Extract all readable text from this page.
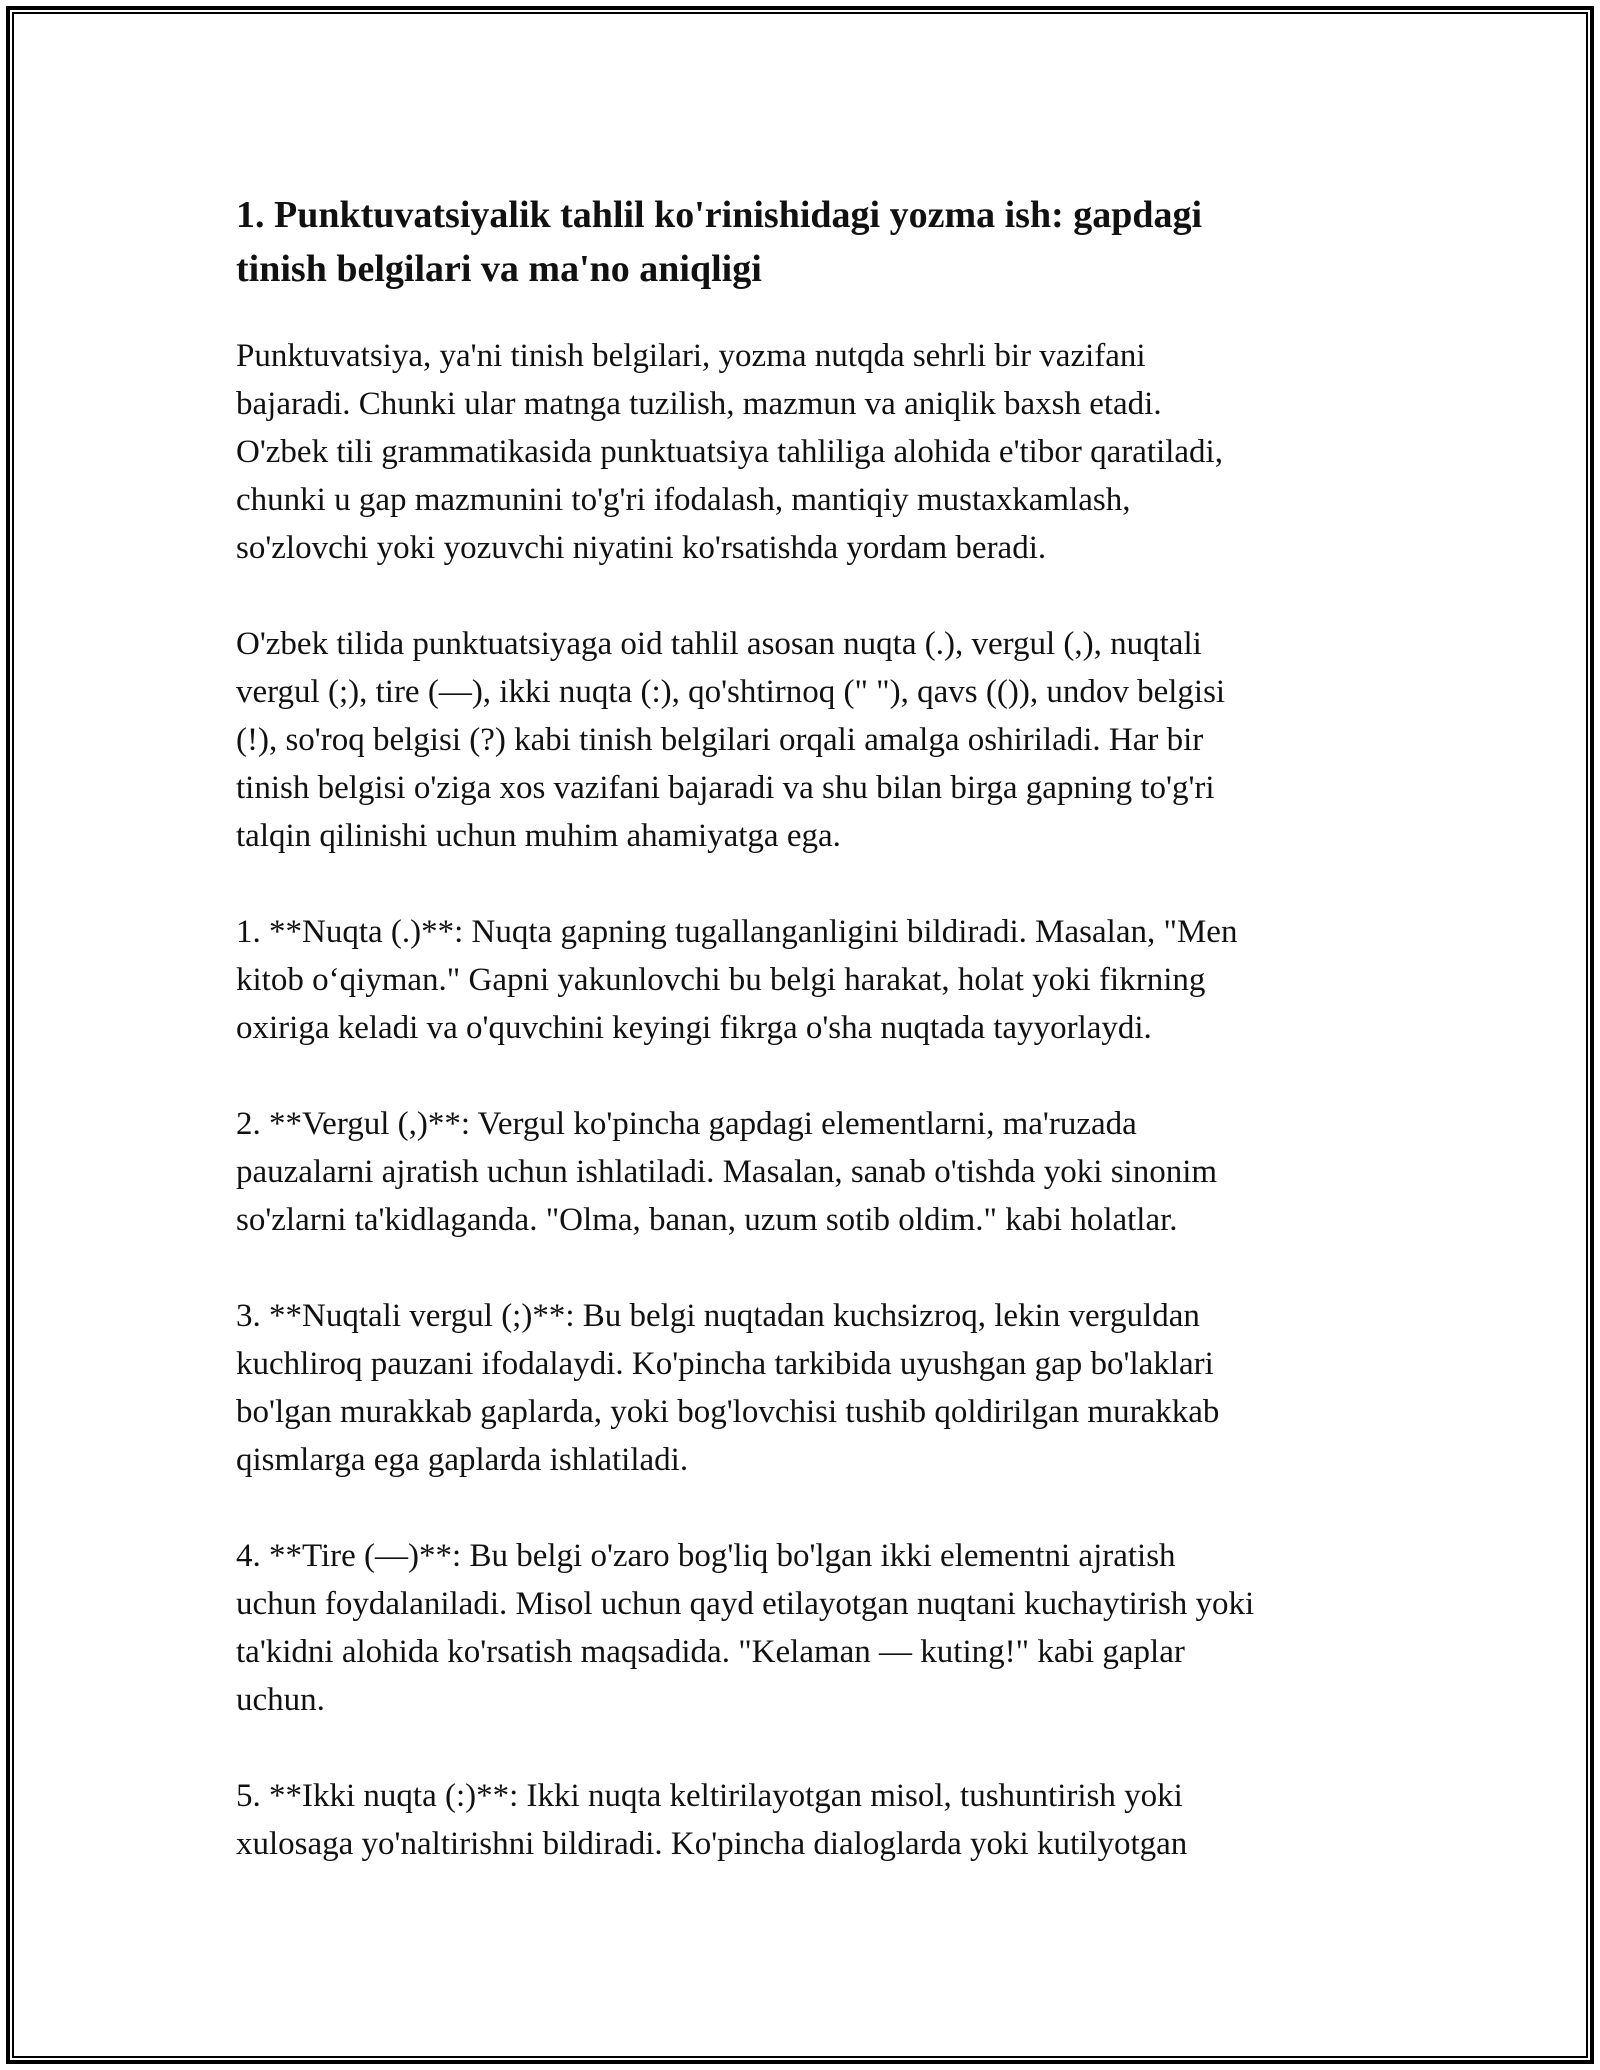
1. Punktuvatsiyalik tahlil ko'rinishidagi yozma ish: gapdagi
tinish belgilari va ma'no aniqligi

Punktuvatsiya, ya'ni tinish belgilari, yozma nutqda sehrli bir vazifani
bajaradi. Chunki ular matnga tuzilish, mazmun va aniqlik baxsh etadi.
O'zbek tili grammatikasida punktuatsiya tahliliga alohida e'tibor qaratiladi,
chunki u gap mazmunini to'g'ri ifodalash, mantiqiy mustaxkamlash,
so'zlovchi yoki yozuvchi niyatini ko'rsatishda yordam beradi.

O'zbek tilida punktuatsiyaga oid tahlil asosan nuqta (.), vergul (,), nuqtali
vergul (;), tire (—), ikki nuqta (:), qo'shtirnoq (" "), qavs (()), undov belgisi
(!), so'roq belgisi (?) kabi tinish belgilari orqali amalga oshiriladi. Har bir
tinish belgisi o'ziga xos vazifani bajaradi va shu bilan birga gapning to'g'ri
talqin qilinishi uchun muhim ahamiyatga ega.

1. **Nuqta (.)**: Nuqta gapning tugallanganligini bildiradi. Masalan, "Men
kitob o‘qiyman." Gapni yakunlovchi bu belgi harakat, holat yoki fikrning
oxiriga keladi va o'quvchini keyingi fikrga o'sha nuqtada tayyorlaydi.

2. **Vergul (,)**: Vergul ko'pincha gapdagi elementlarni, ma'ruzada
pauzalarni ajratish uchun ishlatiladi. Masalan, sanab o'tishda yoki sinonim
so'zlarni ta'kidlaganda. "Olma, banan, uzum sotib oldim." kabi holatlar.

3. **Nuqtali vergul (;)**: Bu belgi nuqtadan kuchsizroq, lekin verguldan
kuchliroq pauzani ifodalaydi. Ko'pincha tarkibida uyushgan gap bo'laklari
bo'lgan murakkab gaplarda, yoki bog'lovchisi tushib qoldirilgan murakkab
qismlarga ega gaplarda ishlatiladi.

4. **Tire (—)**: Bu belgi o'zaro bog'liq bo'lgan ikki elementni ajratish
uchun foydalaniladi. Misol uchun qayd etilayotgan nuqtani kuchaytirish yoki
ta'kidni alohida ko'rsatish maqsadida. "Kelaman — kuting!" kabi gaplar
uchun.

5. **Ikki nuqta (:)**: Ikki nuqta keltirilayotgan misol, tushuntirish yoki
xulosaga yo'naltirishni bildiradi. Ko'pincha dialoglarda yoki kutilyotgan
